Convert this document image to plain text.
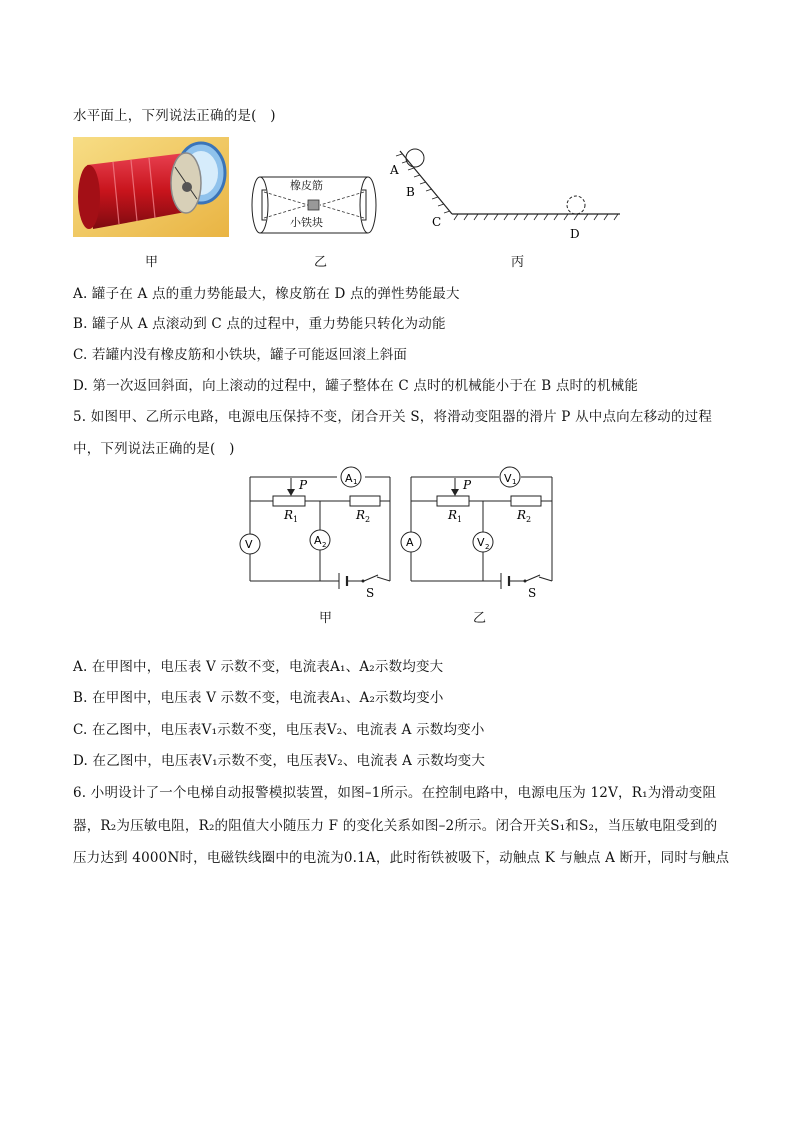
水平面上，下列说法正确的是(　)
甲
橡皮筋
小铁块
乙
A
B
C
D
丙
A. 罐子在 A 点的重力势能最大，橡皮筋在 D 点的弹性势能最大
B. 罐子从 A 点滚动到 C 点的过程中，重力势能只转化为动能
C. 若罐内没有橡皮筋和小铁块，罐子可能返回滚上斜面
D. 第一次返回斜面，向上滚动的过程中，罐子整体在 C 点时的机械能小于在 B 点时的机械能
5. 如图甲、乙所示电路，电源电压保持不变，闭合开关 S，将滑动变阻器的滑片 P 从中点向左移动的过程
中，下列说法正确的是(　)
A 1
V	A 2
P
R 1	R 2
S
甲
V 1
A	V 2
P
R 1	R 2
S
乙
A. 在甲图中，电压表 V 示数不变，电流表A₁、A₂示数均变大
B. 在甲图中，电压表 V 示数不变，电流表A₁、A₂示数均变小
C. 在乙图中，电压表V₁示数不变，电压表V₂、电流表 A 示数均变小
D. 在乙图中，电压表V₁示数不变，电压表V₂、电流表 A 示数均变大
6. 小明设计了一个电梯自动报警模拟装置，如图–1所示。在控制电路中，电源电压为 12V，R₁为滑动变阻
器，R₂为压敏电阻，R₂的阻值大小随压力 F 的变化关系如图–2所示。闭合开关S₁和S₂，当压敏电阻受到的
压力达到 4000N时，电磁铁线圈中的电流为0.1A，此时衔铁被吸下，动触点 K 与触点 A 断开，同时与触点
